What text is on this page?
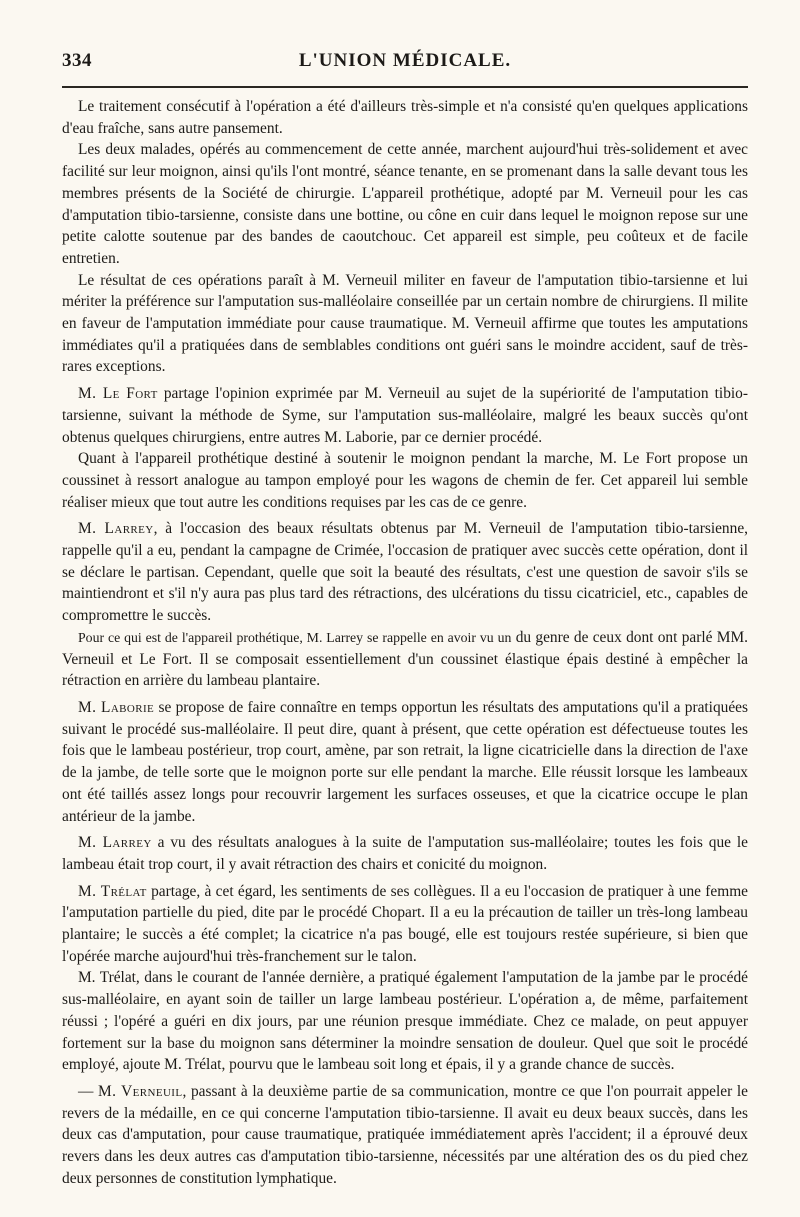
334	L'UNION MÉDICALE.

Le traitement consécutif à l'opération a été d'ailleurs très-simple et n'a consisté qu'en quelques applications d'eau fraîche, sans autre pansement.

Les deux malades, opérés au commencement de cette année, marchent aujourd'hui très-solidement et avec facilité sur leur moignon, ainsi qu'ils l'ont montré, séance tenante, en se promenant dans la salle devant tous les membres présents de la Société de chirurgie. L'appareil prothétique, adopté par M. Verneuil pour les cas d'amputation tibio-tarsienne, consiste dans une bottine, ou cône en cuir dans lequel le moignon repose sur une petite calotte soutenue par des bandes de caoutchouc. Cet appareil est simple, peu coûteux et de facile entretien.

Le résultat de ces opérations paraît à M. Verneuil militer en faveur de l'amputation tibio-tarsienne et lui mériter la préférence sur l'amputation sus-malléolaire conseillée par un certain nombre de chirurgiens. Il milite en faveur de l'amputation immédiate pour cause traumatique. M. Verneuil affirme que toutes les amputations immédiates qu'il a pratiquées dans de semblables conditions ont guéri sans le moindre accident, sauf de très-rares exceptions.

M. Le Fort partage l'opinion exprimée par M. Verneuil au sujet de la supériorité de l'amputation tibio-tarsienne, suivant la méthode de Syme, sur l'amputation sus-malléolaire, malgré les beaux succès qu'ont obtenus quelques chirurgiens, entre autres M. Laborie, par ce dernier procédé.

Quant à l'appareil prothétique destiné à soutenir le moignon pendant la marche, M. Le Fort propose un coussinet à ressort analogue au tampon employé pour les wagons de chemin de fer. Cet appareil lui semble réaliser mieux que tout autre les conditions requises par les cas de ce genre.

M. Larrey, à l'occasion des beaux résultats obtenus par M. Verneuil de l'amputation tibio-tarsienne, rappelle qu'il a eu, pendant la campagne de Crimée, l'occasion de pratiquer avec succès cette opération, dont il se déclare le partisan. Cependant, quelle que soit la beauté des résultats, c'est une question de savoir s'ils se maintiendront et s'il n'y aura pas plus tard des rétractions, des ulcérations du tissu cicatriciel, etc., capables de compromettre le succès.

Pour ce qui est de l'appareil prothétique, M. Larrey se rappelle en avoir vu un du genre de ceux dont ont parlé MM. Verneuil et Le Fort. Il se composait essentiellement d'un coussinet élastique épais destiné à empêcher la rétraction en arrière du lambeau plantaire.

M. Laborie se propose de faire connaître en temps opportun les résultats des amputations qu'il a pratiquées suivant le procédé sus-malléolaire. Il peut dire, quant à présent, que cette opération est défectueuse toutes les fois que le lambeau postérieur, trop court, amène, par son retrait, la ligne cicatricielle dans la direction de l'axe de la jambe, de telle sorte que le moignon porte sur elle pendant la marche. Elle réussit lorsque les lambeaux ont été taillés assez longs pour recouvrir largement les surfaces osseuses, et que la cicatrice occupe le plan antérieur de la jambe.

M. Larrey a vu des résultats analogues à la suite de l'amputation sus-malléolaire; toutes les fois que le lambeau était trop court, il y avait rétraction des chairs et conicité du moignon.

M. Trélat partage, à cet égard, les sentiments de ses collègues. Il a eu l'occasion de pratiquer à une femme l'amputation partielle du pied, dite par le procédé Chopart. Il a eu la précaution de tailler un très-long lambeau plantaire; le succès a été complet; la cicatrice n'a pas bougé, elle est toujours restée supérieure, si bien que l'opérée marche aujourd'hui très-franchement sur le talon.

M. Trélat, dans le courant de l'année dernière, a pratiqué également l'amputation de la jambe par le procédé sus-malléolaire, en ayant soin de tailler un large lambeau postérieur. L'opération a, de même, parfaitement réussi ; l'opéré a guéri en dix jours, par une réunion presque immédiate. Chez ce malade, on peut appuyer fortement sur la base du moignon sans déterminer la moindre sensation de douleur. Quel que soit le procédé employé, ajoute M. Trélat, pourvu que le lambeau soit long et épais, il y a grande chance de succès.

— M. Verneuil, passant à la deuxième partie de sa communication, montre ce que l'on pourrait appeler le revers de la médaille, en ce qui concerne l'amputation tibio-tarsienne. Il avait eu deux beaux succès, dans les deux cas d'amputation, pour cause traumatique, pratiquée immédiatement après l'accident; il a éprouvé deux revers dans les deux autres cas d'amputation tibio-tarsienne, nécessités par une altération des os du pied chez deux personnes de constitution lymphatique.
